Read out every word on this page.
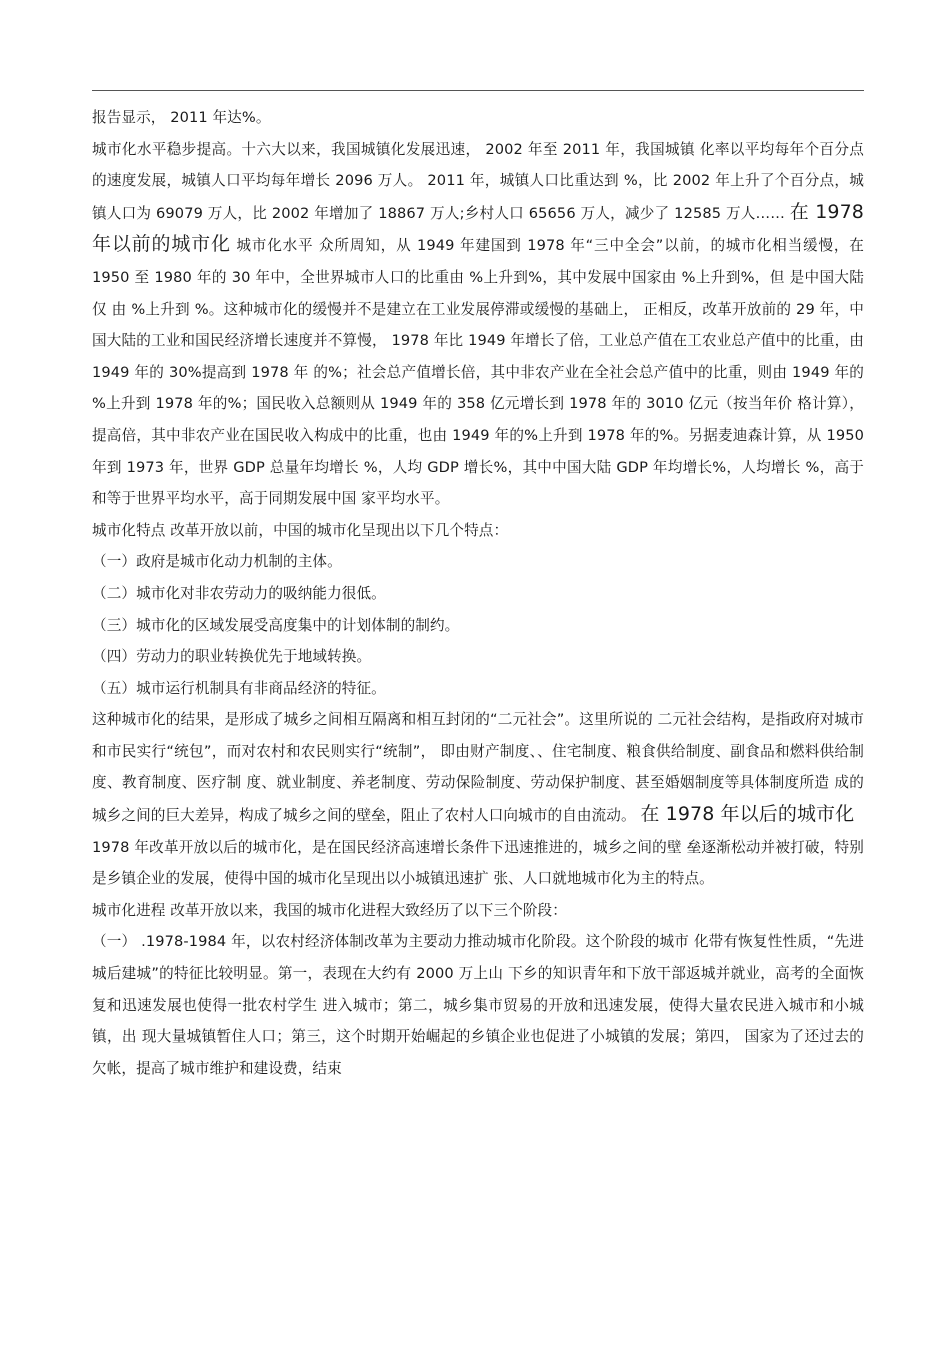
报告显示， 2011 年达%。

城市化水平稳步提高。十六大以来，我国城镇化发展迅速， 2002 年至 2011 年，我国城镇 化率以平均每年个百分点的速度发展，城镇人口平均每年增长 2096 万人。 2011 年，城镇人口比重达到 %，比 2002 年上升了个百分点，城镇人口为 69079 万人，比 2002 年增加了 18867 万人;乡村人口 65656 万人，减少了 12585 万人…… 在 1978 年以前的城市化 城市化水平 众所周知，从 1949 年建国到 1978 年“三中全会”以前，的城市化相当缓慢，在 1950 至 1980 年的 30 年中，全世界城市人口的比重由 %上升到%，其中发展中国家由 %上升到%，但 是中国大陆仅 由 %上升到 %。这种城市化的缓慢并不是建立在工业发展停滞或缓慢的基础上， 正相反，改革开放前的 29 年，中国大陆的工业和国民经济增长速度并不算慢， 1978 年比 1949 年增长了倍，工业总产值在工农业总产值中的比重，由 1949 年的 30%提高到 1978 年 的%；社会总产值增长倍，其中非农产业在全社会总产值中的比重，则由 1949 年的 %上升到 1978 年的%；国民收入总额则从 1949 年的 358 亿元增长到 1978 年的 3010 亿元（按当年价 格计算），提高倍，其中非农产业在国民收入构成中的比重，也由 1949 年的%上升到 1978 年的%。另据麦迪森计算，从 1950 年到 1973 年，世界 GDP 总量年均增长 %，人均 GDP 增长%，其中中国大陆 GDP 年均增长%，人均增长 %，高于和等于世界平均水平，高于同期发展中国 家平均水平。

城市化特点 改革开放以前，中国的城市化呈现出以下几个特点：

（一）政府是城市化动力机制的主体。

（二）城市化对非农劳动力的吸纳能力很低。

（三）城市化的区域发展受高度集中的计划体制的制约。

（四）劳动力的职业转换优先于地域转换。

（五）城市运行机制具有非商品经济的特征。

这种城市化的结果，是形成了城乡之间相互隔离和相互封闭的“二元社会”。这里所说的 二元社会结构，是指政府对城市和市民实行“统包”，而对农村和农民则实行“统制”， 即由财产制度、、住宅制度、粮食供给制度、副食品和燃料供给制度、教育制度、医疗制 度、就业制度、养老制度、劳动保险制度、劳动保护制度、甚至婚姻制度等具体制度所造 成的城乡之间的巨大差异，构成了城乡之间的壁垒，阻止了农村人口向城市的自由流动。 在 1978 年以后的城市化

1978 年改革开放以后的城市化，是在国民经济高速增长条件下迅速推进的，城乡之间的壁 垒逐渐松动并被打破，特别是乡镇企业的发展，使得中国的城市化呈现出以小城镇迅速扩 张、人口就地城市化为主的特点。

城市化进程 改革开放以来，我国的城市化进程大致经历了以下三个阶段：

（一） .1978-1984 年，以农村经济体制改革为主要动力推动城市化阶段。这个阶段的城市 化带有恢复性性质，“先进城后建城”的特征比较明显。第一，表现在大约有 2000 万上山 下乡的知识青年和下放干部返城并就业，高考的全面恢复和迅速发展也使得一批农村学生 进入城市；第二，城乡集市贸易的开放和迅速发展，使得大量农民进入城市和小城镇，出 现大量城镇暂住人口；第三，这个时期开始崛起的乡镇企业也促进了小城镇的发展；第四， 国家为了还过去的欠帐，提高了城市维护和建设费，结束
